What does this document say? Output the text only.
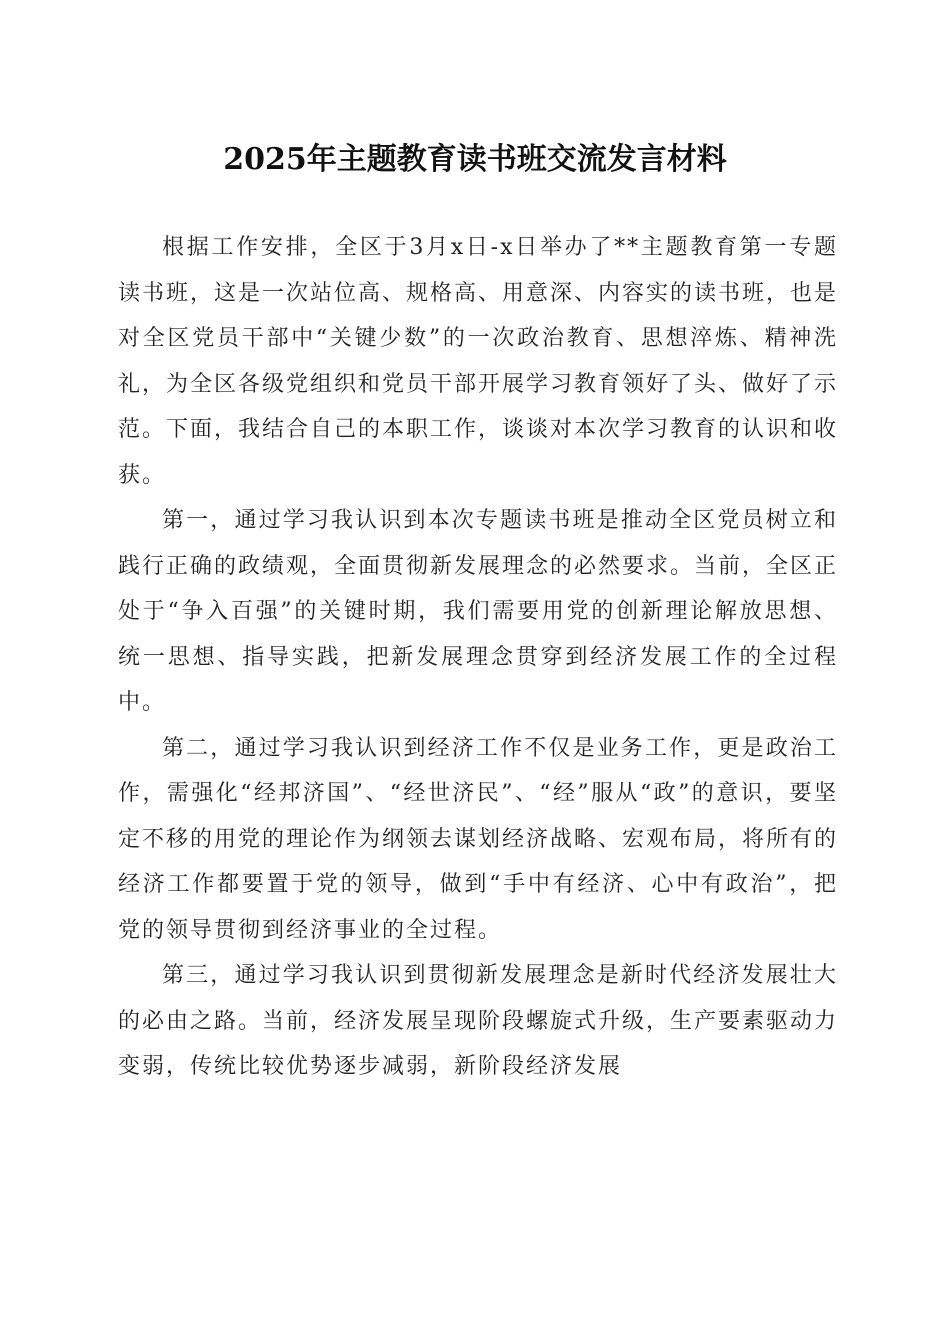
2025年主题教育读书班交流发言材料

根据工作安排，全区于3月x日-x日举办了**主题教育第一专题读书班，这是一次站位高、规格高、用意深、内容实的读书班，也是对全区党员干部中“关键少数”的一次政治教育、思想淬炼、精神洗礼，为全区各级党组织和党员干部开展学习教育领好了头、做好了示范。下面，我结合自己的本职工作，谈谈对本次学习教育的认识和收获。

第一，通过学习我认识到本次专题读书班是推动全区党员树立和践行正确的政绩观，全面贯彻新发展理念的必然要求。当前，全区正处于“争入百强”的关键时期，我们需要用党的创新理论解放思想、统一思想、指导实践，把新发展理念贯穿到经济发展工作的全过程中。

第二，通过学习我认识到经济工作不仅是业务工作，更是政治工作，需强化“经邦济国”、“经世济民”、“经”服从“政”的意识，要坚定不移的用党的理论作为纲领去谋划经济战略、宏观布局，将所有的经济工作都要置于党的领导，做到“手中有经济、心中有政治”，把党的领导贯彻到经济事业的全过程。

第三，通过学习我认识到贯彻新发展理念是新时代经济发展壮大的必由之路。当前，经济发展呈现阶段螺旋式升级，生产要素驱动力变弱，传统比较优势逐步减弱，新阶段经济发展
